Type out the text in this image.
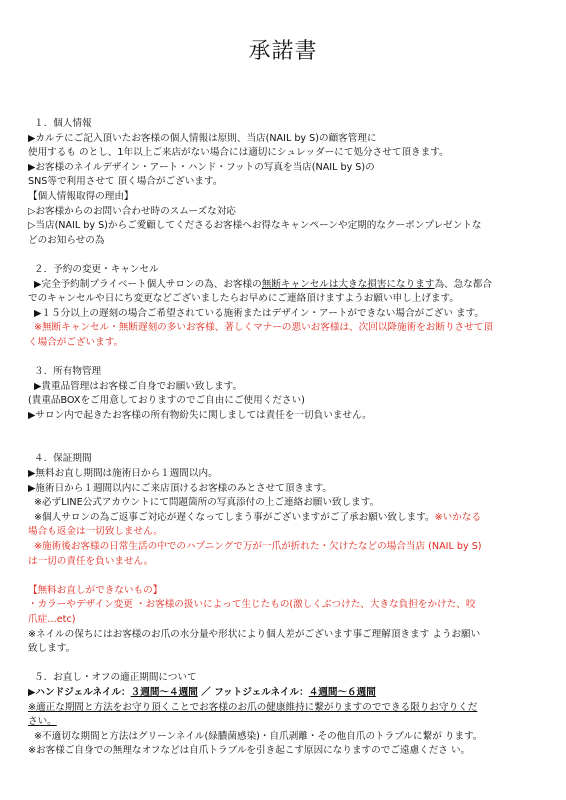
承諾書
１．個人情報
▶カルテにご記入頂いたお客様の個人情報は原則、当店(NAIL by S)の顧客管理に
使用するも のとし、1年以上ご来店がない場合には適切にシュレッダーにて処分させて頂きます。
▶お客様のネイルデザイン・アート・ハンド・フットの写真を当店(NAIL by S)の
SNS等で利用させて 頂く場合がございます。
【個人情報取得の理由】
▷お客様からのお問い合わせ時のスムーズな対応
▷当店(NAIL by S)からご愛顧してくださるお客様へお得なキャンペーンや定期的なクーポンプレゼントな
どのお知らせの為
２．予約の変更・キャンセル
▶完全予約制プライベート個人サロンの為、お客様の無断キャンセルは大きな損害になります為、急な都合
でのキャンセルや日にち変更などございましたらお早めにご連絡頂けますようお願い申し上げます。
▶１５分以上の遅刻の場合ご希望されている施術またはデザイン・アートができない場合がござい ます。
※無断キャンセル・無断遅刻の多いお客様、著しくマナーの悪いお客様は、次回以降施術をお断りさせて頂
く場合がございます。
３．所有物管理
▶貴重品管理はお客様ご自身でお願い致します。
(貴重品BOXをご用意しておりますのでご自由にご使用ください)
▶サロン内で起きたお客様の所有物紛失に関しましては責任を一切負いません。
４．保証期間
▶無料お直し期間は施術日から１週間以内。
▶施術日から１週間以内にご来店頂けるお客様のみとさせて頂きます。
※必ずLINE公式アカウントにて問題箇所の写真添付の上ご連絡お願い致します。
※個人サロンの為ご返事ご対応が遅くなってしまう事がございますがご了承お願い致します。※いかなる
場合も返金は一切致しません。
※施術後お客様の日常生活の中でのハプニングで万が一爪が折れた・欠けたなどの場合当店 (NAIL by S)
は一切の責任を負いません。
【無料お直しができないもの】
・カラーやデザイン変更 ・お客様の扱いによって生じたもの(激しくぶつけた、大きな負担をかけた、咬
爪症…etc)
※ネイルの保ちにはお客様のお爪の水分量や形状により個人差がございます事ご理解頂きます ようお願い
致します。
５．お直し・オフの適正期間について
▶ハンドジェルネイル：３週間～４週間 ／ フットジェルネイル：４週間～６週間
※適正な期間と方法をお守り頂くことでお客様のお爪の健康維持に繋がりますのでできる限りお守りくだ
さい。
※不適切な期間と方法はグリーンネイル(緑膿菌感染)・自爪剥離・その他自爪のトラブルに繋が ります。
※お客様ご自身での無理なオフなどは自爪トラブルを引き起こす原因になりますのでご遠慮くださ い。
